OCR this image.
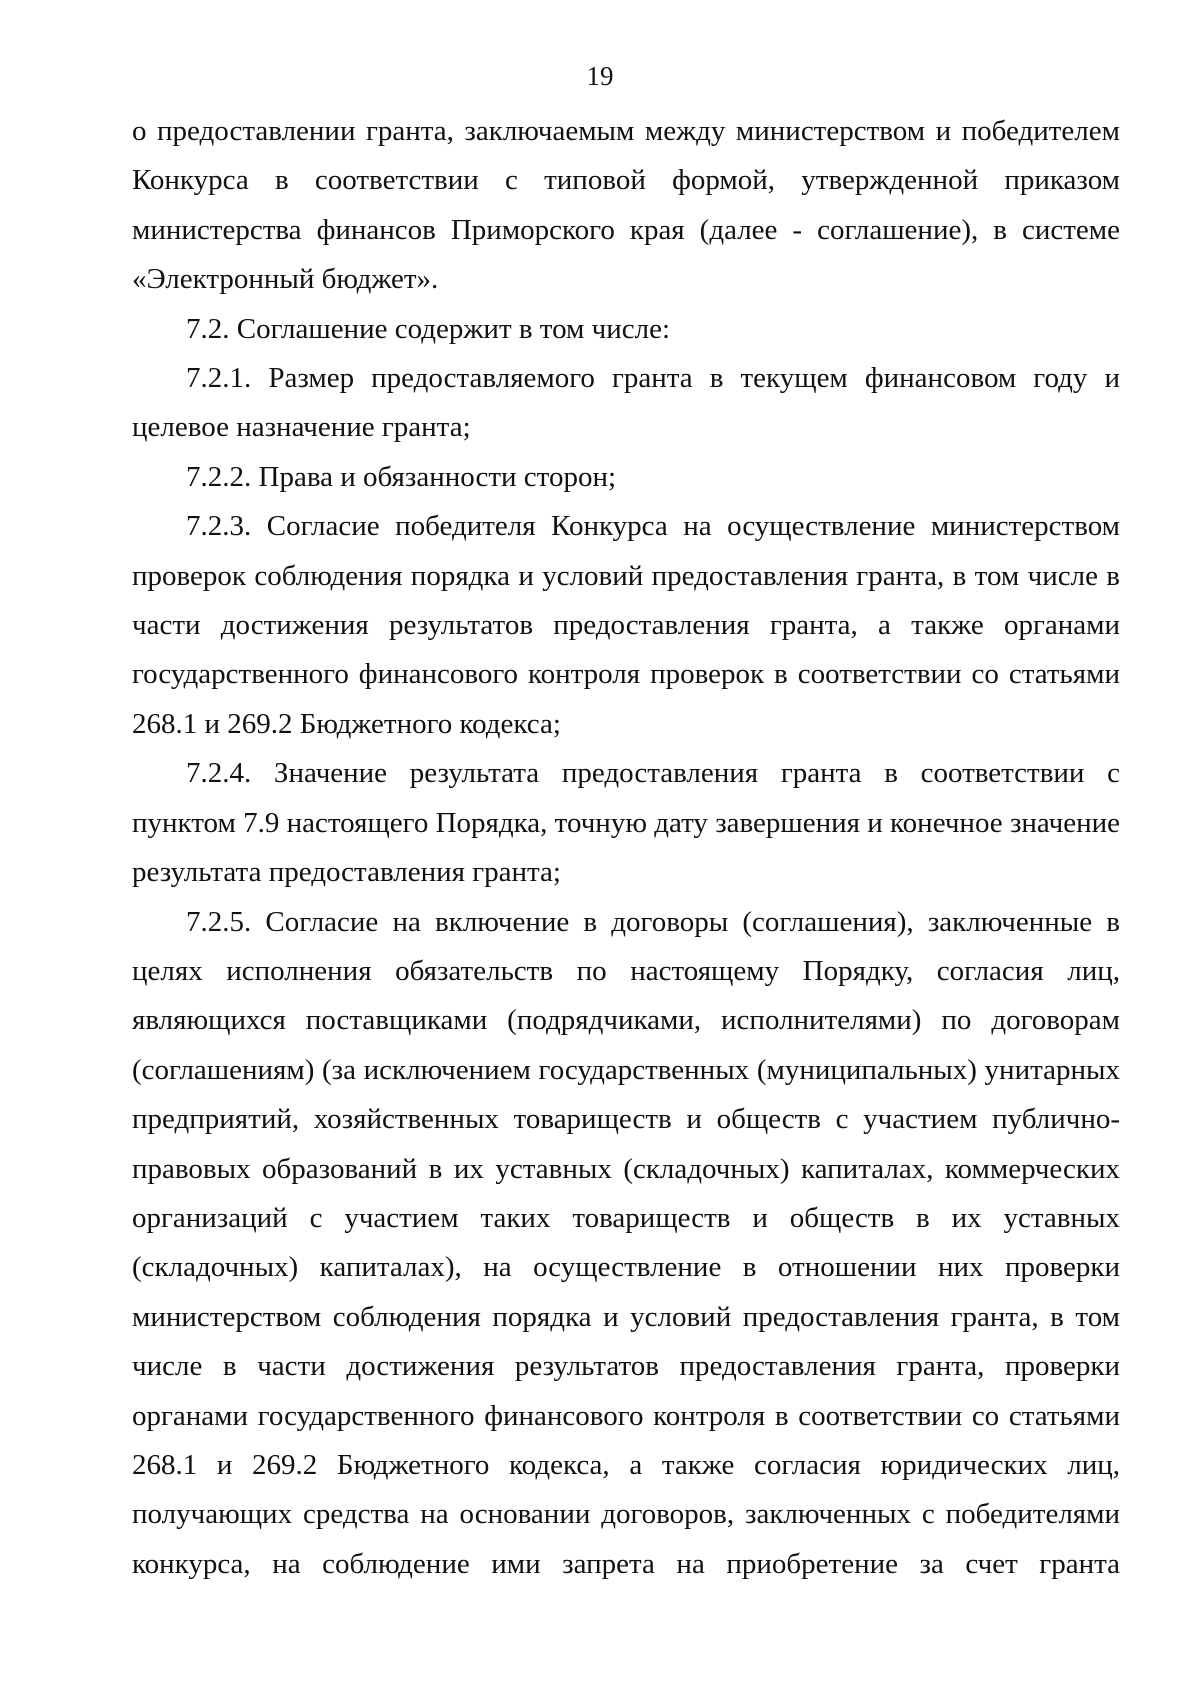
19

о предоставлении гранта, заключаемым между министерством и победителем Конкурса в соответствии с типовой формой, утвержденной приказом министерства финансов Приморского края (далее - соглашение), в системе «Электронный бюджет».

7.2. Соглашение содержит в том числе:

7.2.1. Размер предоставляемого гранта в текущем финансовом году и целевое назначение гранта;

7.2.2. Права и обязанности сторон;

7.2.3. Согласие победителя Конкурса на осуществление министерством проверок соблюдения порядка и условий предоставления гранта, в том числе в части достижения результатов предоставления гранта, а также органами государственного финансового контроля проверок в соответствии со статьями 268.1 и 269.2 Бюджетного кодекса;

7.2.4. Значение результата предоставления гранта в соответствии с пунктом 7.9 настоящего Порядка, точную дату завершения и конечное значение результата предоставления гранта;

7.2.5. Согласие на включение в договоры (соглашения), заключенные в целях исполнения обязательств по настоящему Порядку, согласия лиц, являющихся поставщиками (подрядчиками, исполнителями) по договорам (соглашениям) (за исключением государственных (муниципальных) унитарных предприятий, хозяйственных товариществ и обществ с участием публично-правовых образований в их уставных (складочных) капиталах, коммерческих организаций с участием таких товариществ и обществ в их уставных (складочных) капиталах), на осуществление в отношении них проверки министерством соблюдения порядка и условий предоставления гранта, в том числе в части достижения результатов предоставления гранта, проверки органами государственного финансового контроля в соответствии со статьями 268.1 и 269.2 Бюджетного кодекса, а также согласия юридических лиц, получающих средства на основании договоров, заключенных с победителями конкурса, на соблюдение ими запрета на приобретение за счет гранта
